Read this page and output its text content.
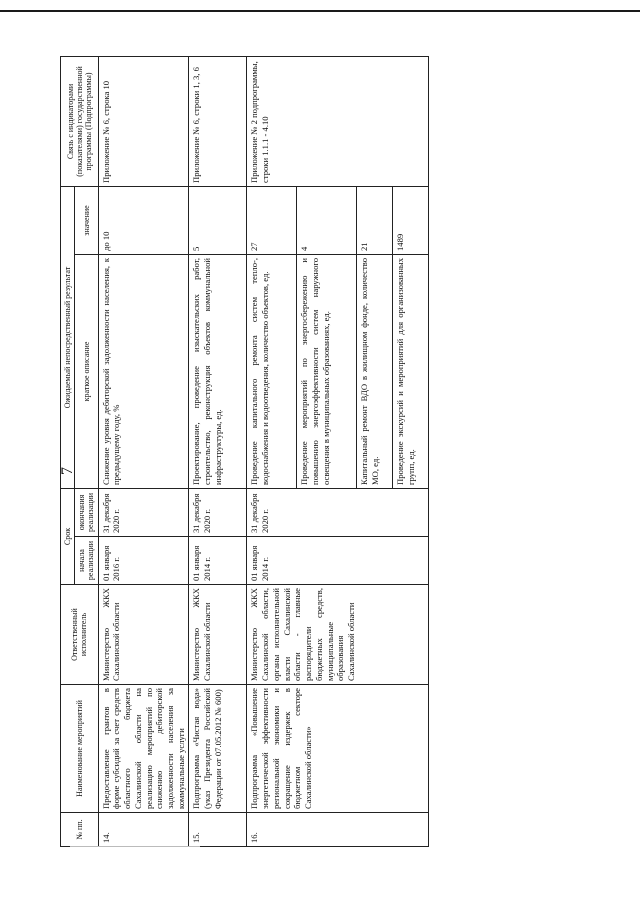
7
№ пп.	Наименование мероприятий	Ответственный исполнитель	Срок		Ожидаемый непосредственный результат		Связь с индикаторами (показателями) государственной программы (Подпрограммы)
			начала реализации	окончания реализации	краткое описание	значение	
14.	Предоставление грантов в форме субсидий за счет средств областного бюджета Сахалинской области на реализацию мероприятий по снижению дебиторской задолженности населения за коммунальные услуги	Министерство ЖКХ Сахалинской области	01 января 2016 г.	31 декабря 2020 г.	Снижение уровня дебиторской задолженности населения, к предыдущему году, %	до 10	Приложение № 6, строка 10
15.	Подпрограмма «Чистая вода» (указ Президента Российской Федерации от 07.05.2012 № 600)	Министерство ЖКХ Сахалинской области	01 января 2014 г.	31 декабря 2020 г.	Проектирование, проведение изыскательских работ, строительство, реконструкция объектов коммунальной инфраструктуры, ед.	5	Приложение № 6, строки 1, 3, 6
16.	Подпрограмма «Повышение энергетической эффективности региональной экономики и сокращение издержек в бюджетном секторе Сахалинской области»	Министерство ЖКХ Сахалинской области, органы исполнительной власти Сахалинской области - главные распорядители бюджетных средств, муниципальные образования Сахалинской области	01 января 2014 г.	31 декабря 2020 г.	Проведение капитального ремонта систем тепло-, водоснабжения и водоотведения, количество объектов, ед.	27	Приложение № 2 подпрограммы, строки 1.1.1 - 4.10
					Проведение мероприятий по энергосбережению и повышению энергоэффективности систем наружного освещения в муниципальных образованиях, ед.	4	
					Капитальный ремонт ВДО в жилищном фонде, количество МО, ед.	21	
					Проведение экскурсий и мероприятий для организованных групп, ед.	1489	
